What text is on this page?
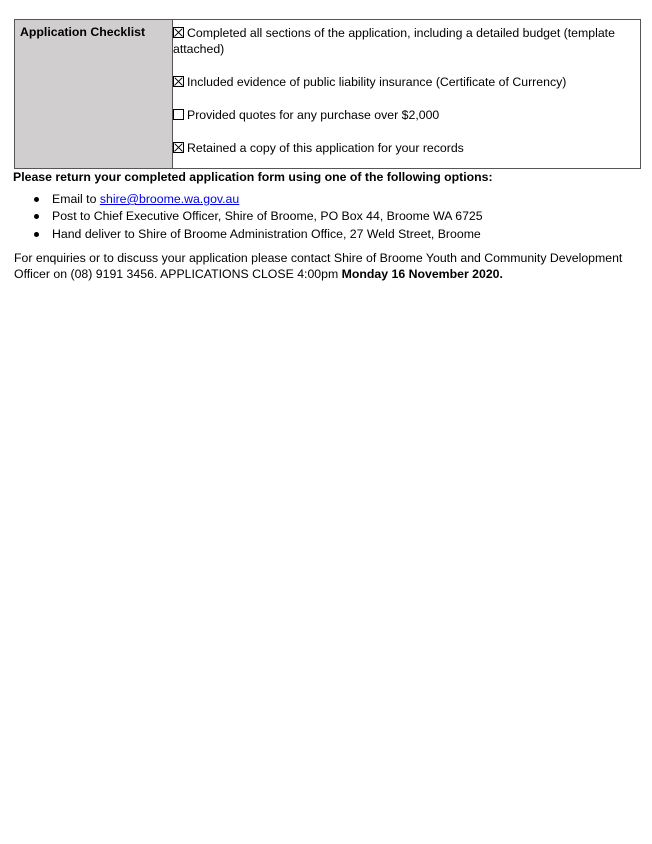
Application Checklist	Completed all sections of the application, including a detailed budget (template attached)
Included evidence of public liability insurance (Certificate of Currency)
Provided quotes for any purchase over $2,000
Retained a copy of this application for your records

Please return your completed application form using one of the following options:

Email to shire@broome.wa.gov.au
Post to Chief Executive Officer, Shire of Broome, PO Box 44, Broome WA 6725
Hand deliver to Shire of Broome Administration Office, 27 Weld Street, Broome

For enquiries or to discuss your application please contact Shire of Broome Youth and Community Development Officer on (08) 9191 3456. APPLICATIONS CLOSE 4:00pm Monday 16 November 2020.
